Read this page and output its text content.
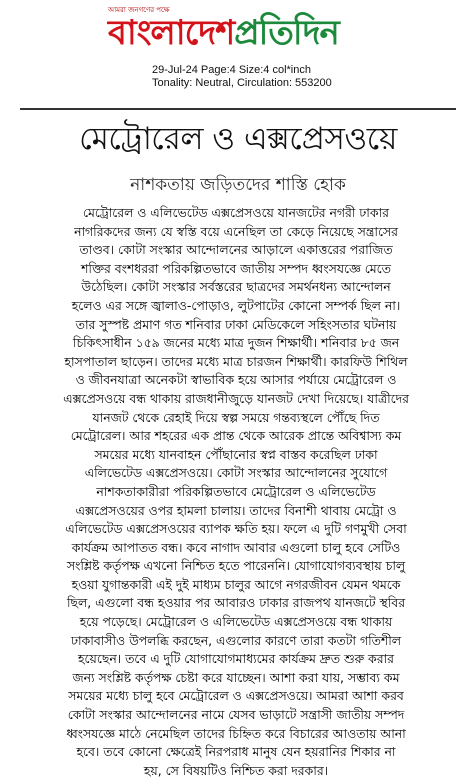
আমরা জনগণের পক্ষে
বাংলাদেশপ্রতিদিন
29-Jul-24 Page:4 Size:4 col*inch
Tonality: Neutral, Circulation: 553200
মেট্রোরেল ও এক্সপ্রেসওয়ে
নাশকতায় জড়িতদের শাস্তি হোক
মেট্রোরেল ও এলিভেটেড এক্সপ্রেসওয়ে যানজটের নগরী ঢাকার
নাগরিকদের জন্য যে স্বস্তি বয়ে এনেছিল তা কেড়ে নিয়েছে সন্ত্রাসের
তাণ্ডব। কোটা সংস্কার আন্দোলনের আড়ালে একাত্তরের পরাজিত
শক্তির বংশধররা পরিকল্পিতভাবে জাতীয় সম্পদ ধ্বংসযজ্ঞে মেতে
উঠেছিল। কোটা সংস্কার সর্বস্তরের ছাত্রদের সমর্থনধন্য আন্দোলন
হলেও এর সঙ্গে জ্বালাও-পোড়াও, লুটপাটের কোনো সম্পর্ক ছিল না।
তার সুস্পষ্ট প্রমাণ গত শনিবার ঢাকা মেডিকেলে সহিংসতার ঘটনায়
চিকিৎসাধীন ১৫৯ জনের মধ্যে মাত্র দুজন শিক্ষার্থী। শনিবার ৮৫ জন
হাসপাতাল ছাড়েন। তাদের মধ্যে মাত্র চারজন শিক্ষার্থী। কারফিউ শিথিল
ও জীবনযাত্রা অনেকটা স্বাভাবিক হয়ে আসার পর্যায়ে মেট্রোরেল ও
এক্সপ্রেসওয়ে বন্ধ থাকায় রাজধানীজুড়ে যানজট দেখা দিয়েছে। যাত্রীদের
যানজট থেকে রেহাই দিয়ে স্বল্প সময়ে গন্তব্যস্থলে পৌঁছে দিত
মেট্রোরেল। আর শহরের এক প্রান্ত থেকে আরেক প্রান্তে অবিশ্বাস্য কম
সময়ের মধ্যে যানবাহন পৌঁছানোর স্বপ্ন বাস্তব করেছিল ঢাকা
এলিভেটেড এক্সপ্রেসওয়ে। কোটা সংস্কার আন্দোলনের সুযোগে
নাশকতাকারীরা পরিকল্পিতভাবে মেট্রোরেল ও এলিভেটেড
এক্সপ্রেসওয়ের ওপর হামলা চালায়। তাদের বিনাশী থাবায় মেট্রো ও
এলিভেটেড এক্সপ্রেসওয়ের ব্যাপক ক্ষতি হয়। ফলে এ দুটি গণমুখী সেবা
কার্যক্রম আপাতত বন্ধ। কবে নাগাদ আবার এগুলো চালু হবে সেটিও
সংশ্লিষ্ট কর্তৃপক্ষ এখনো নিশ্চিত হতে পারেননি। যোগাযোগব্যবস্থায় চালু
হওয়া যুগান্তকারী এই দুই মাধ্যম চালুর আগে নগরজীবন যেমন থমকে
ছিল, এগুলো বন্ধ হওয়ার পর আবারও ঢাকার রাজপথ যানজটে স্থবির
হয়ে পড়েছে। মেট্রোরেল ও এলিভেটেড এক্সপ্রেসওয়ে বন্ধ থাকায়
ঢাকাবাসীও উপলব্ধি করছেন, এগুলোর কারণে তারা কতটা গতিশীল
হয়েছেন। তবে এ দুটি যোগাযোগমাধ্যমের কার্যক্রম দ্রুত শুরু করার
জন্য সংশ্লিষ্ট কর্তৃপক্ষ চেষ্টা করে যাচ্ছেন। আশা করা যায়, সম্ভাব্য কম
সময়ের মধ্যে চালু হবে মেট্রোরেল ও এক্সপ্রেসওয়ে। আমরা আশা করব
কোটা সংস্কার আন্দোলনের নামে যেসব ভাড়াটে সন্ত্রাসী জাতীয় সম্পদ
ধ্বংসযজ্ঞে মাঠে নেমেছিল তাদের চিহ্নিত করে বিচারের আওতায় আনা
হবে। তবে কোনো ক্ষেত্রেই নিরপরাধ মানুষ যেন হয়রানির শিকার না
হয়, সে বিষয়টিও নিশ্চিত করা দরকার।
